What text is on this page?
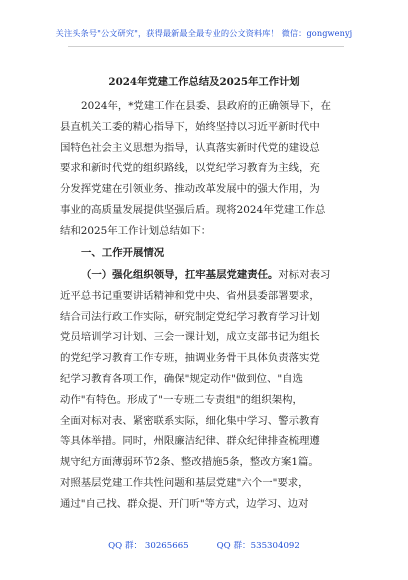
关注头条号"公文研究"，获得最新最全最专业的公文资料库！ 微信：gongwenyj
2024年党建工作总结及2025年工作计划
2024年，*党建工作在县委、县政府的正确领导下，在
县直机关工委的精心指导下，始终坚持以习近平新时代中
国特色社会主义思想为指导，认真落实新时代党的建设总
要求和新时代党的组织路线，以党纪学习教育为主线，充
分发挥党建在引领业务、推动改革发展中的强大作用，为
事业的高质量发展提供坚强后盾。现将2024年党建工作总
结和2025年工作计划总结如下：
一、工作开展情况
（一）强化组织领导，扛牢基层党建责任。对标对表习
近平总书记重要讲话精神和党中央、省州县委部署要求，
结合司法行政工作实际，研究制定党纪学习教育学习计划
党员培训学习计划、三会一课计划，成立支部书记为组长
的党纪学习教育工作专班，抽调业务骨干具体负责落实党
纪学习教育各项工作，确保"规定动作"做到位、"自选
动作"有特色。形成了"一专班二专责组"的组织架构，
全面对标对表、紧密联系实际，细化集中学习、警示教育
等具体举措。同时，州限廉洁纪律、群众纪律排查梳理遵
规守纪方面薄弱环节2条、整改措施5条，整改方案1篇。
对照基层党建工作共性问题和基层党建"六个一"要求，
通过"自己找、群众提、开门听"等方式，边学习、边对
QQ 群： 30265665	QQ 群：535304092
